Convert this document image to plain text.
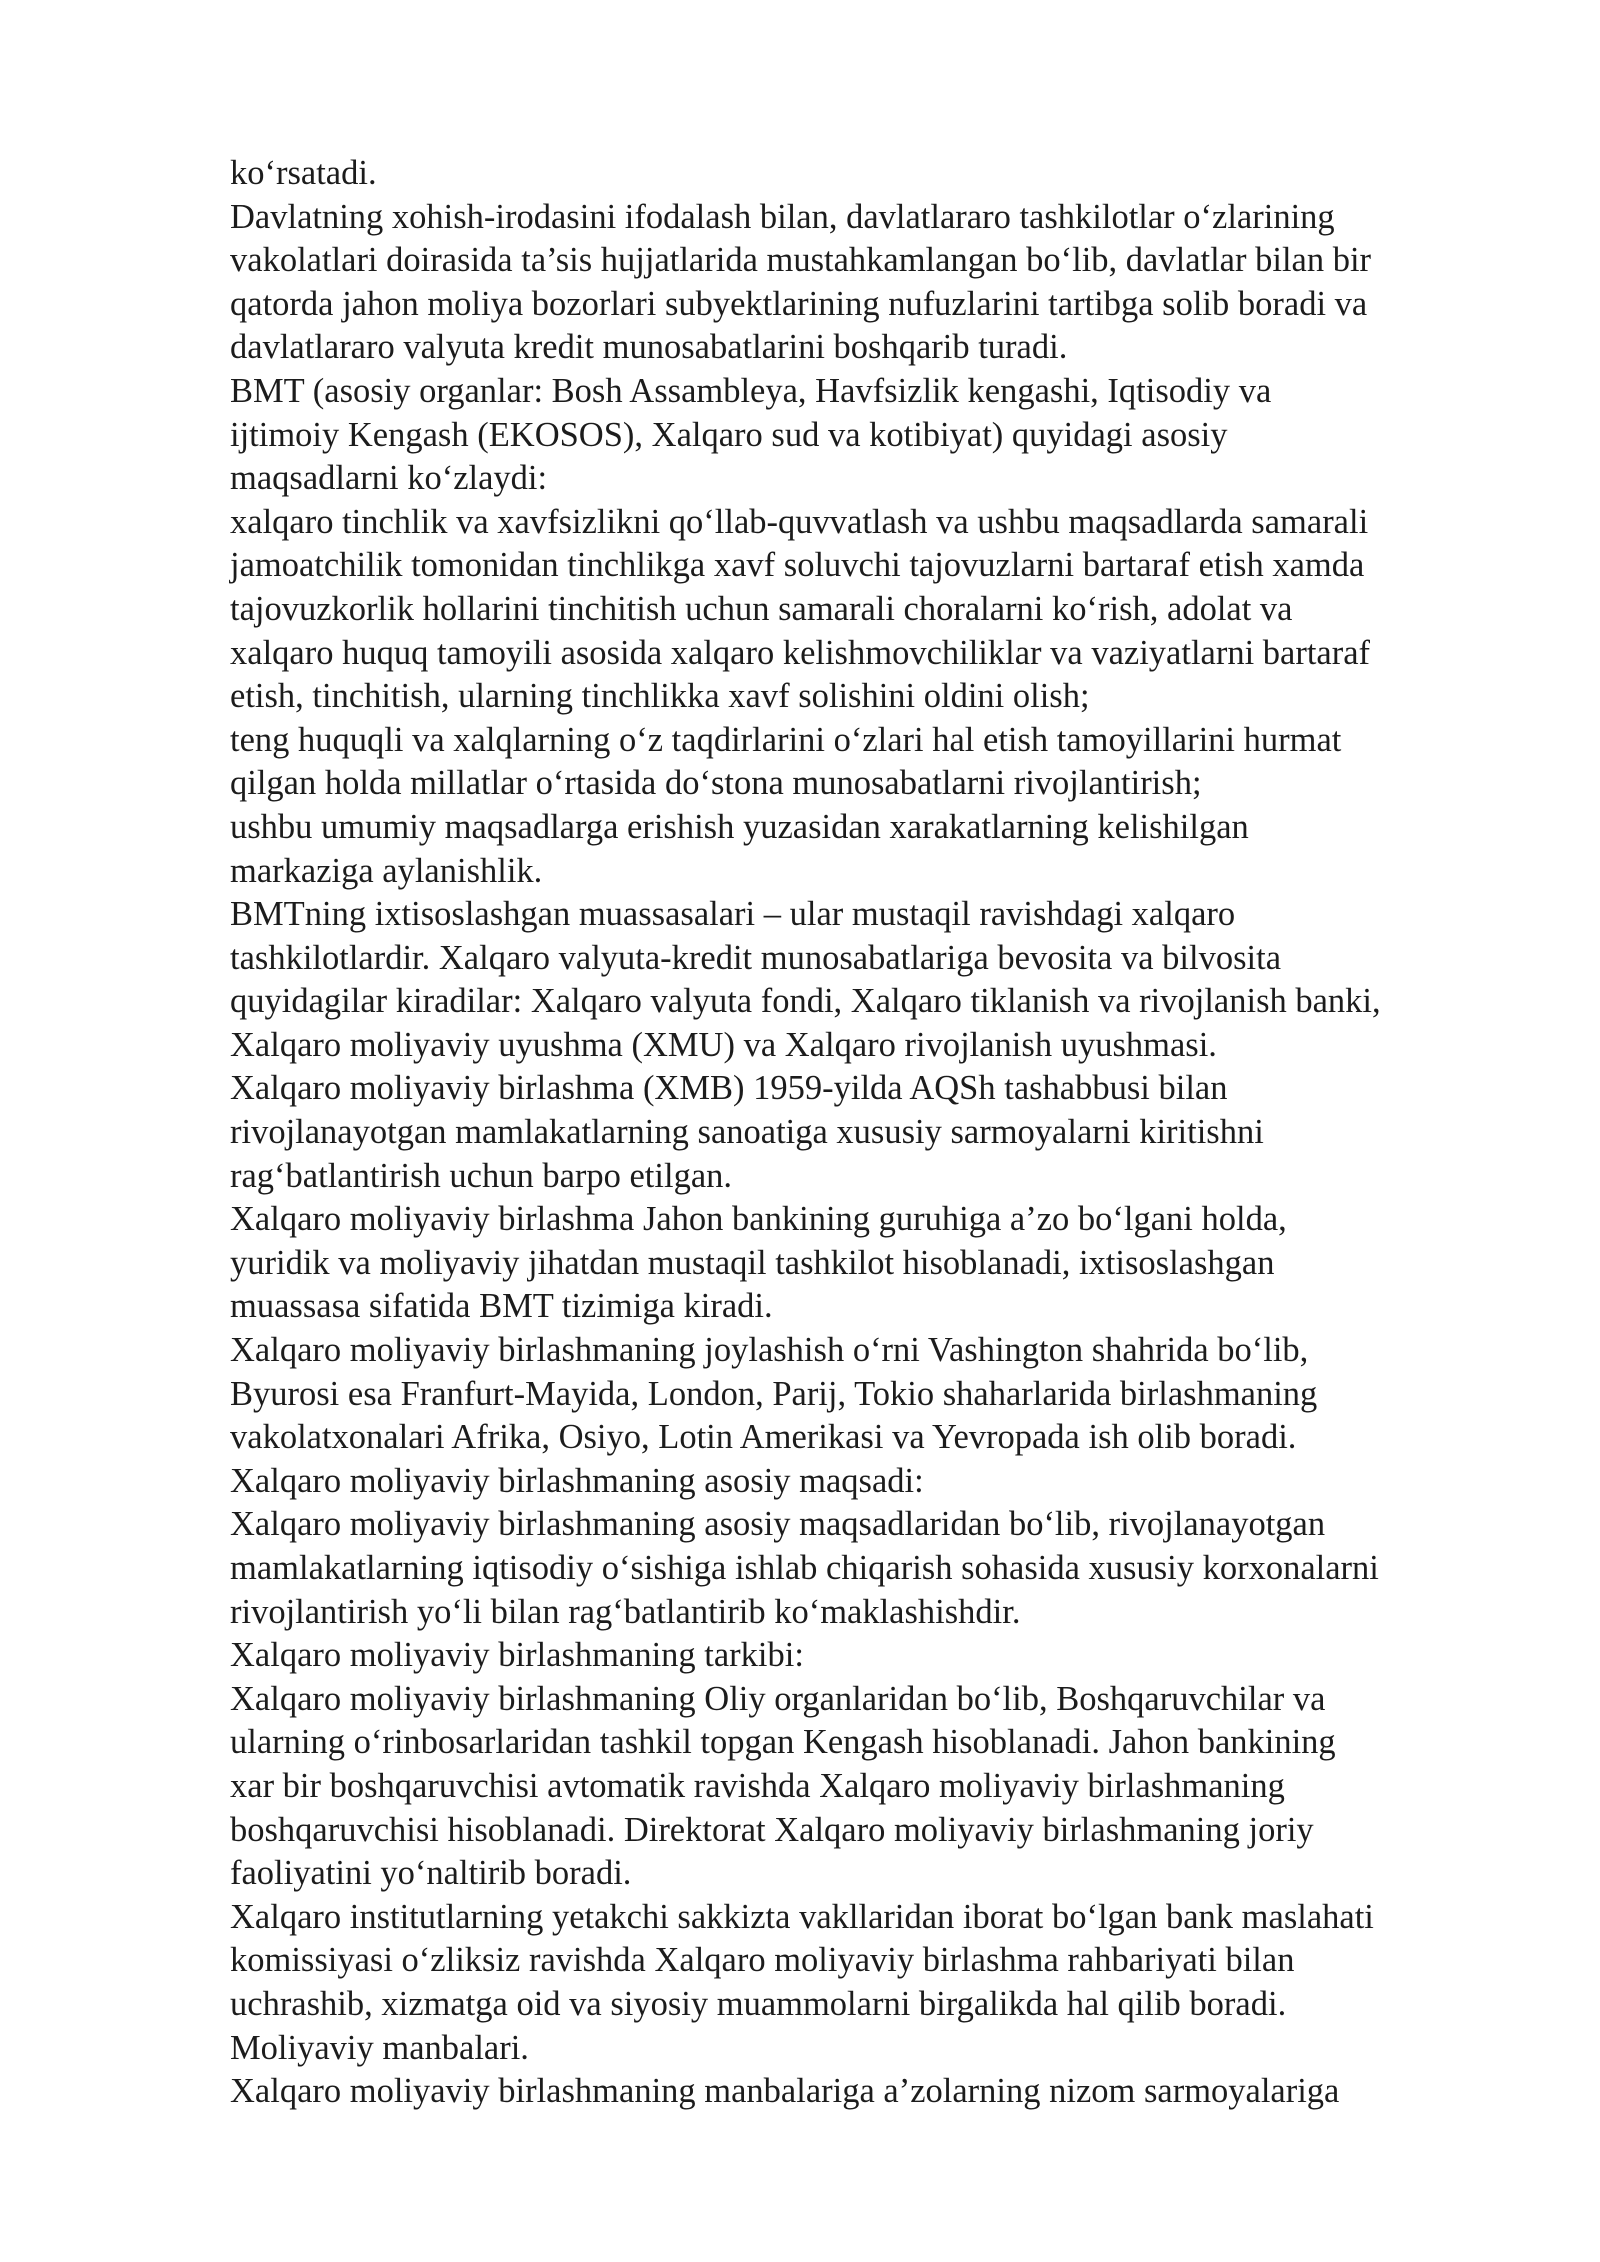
ko‘rsatadi.
Davlatning xohish-irodasini ifodalash bilan, davlatlararo tashkilotlar o‘zlarining
vakolatlari doirasida ta’sis hujjatlarida mustahkamlangan bo‘lib, davlatlar bilan bir
qatorda jahon moliya bozorlari subyektlarining nufuzlarini tartibga solib boradi va
davlatlararo valyuta kredit munosabatlarini boshqarib turadi.
BMT (asosiy organlar: Bosh Assambleya, Havfsizlik kengashi, Iqtisodiy va
ijtimoiy Kengash (EKOSOS), Xalqaro sud va kotibiyat) quyidagi asosiy
maqsadlarni ko‘zlaydi:
xalqaro tinchlik va xavfsizlikni qo‘llab-quvvatlash va ushbu maqsadlarda samarali
jamoatchilik tomonidan tinchlikga xavf soluvchi tajovuzlarni bartaraf etish xamda
tajovuzkorlik hollarini tinchitish uchun samarali choralarni ko‘rish, adolat va
xalqaro huquq tamoyili asosida xalqaro kelishmovchiliklar va vaziyatlarni bartaraf
etish, tinchitish, ularning tinchlikka xavf solishini oldini olish;
teng huquqli va xalqlarning o‘z taqdirlarini o‘zlari hal etish tamoyillarini hurmat
qilgan holda millatlar o‘rtasida do‘stona munosabatlarni rivojlantirish;
ushbu umumiy maqsadlarga erishish yuzasidan xarakatlarning kelishilgan
markaziga aylanishlik.
BMTning ixtisoslashgan muassasalari – ular mustaqil ravishdagi xalqaro
tashkilotlardir. Xalqaro valyuta-kredit munosabatlariga bevosita va bilvosita
quyidagilar kiradilar: Xalqaro valyuta fondi, Xalqaro tiklanish va rivojlanish banki,
Xalqaro moliyaviy uyushma (XMU) va Xalqaro rivojlanish uyushmasi.
Xalqaro moliyaviy birlashma (XMB) 1959-yilda AQSh tashabbusi bilan
rivojlanayotgan mamlakatlarning sanoatiga xususiy sarmoyalarni kiritishni
rag‘batlantirish uchun barpo etilgan.
Xalqaro moliyaviy birlashma Jahon bankining guruhiga a’zo bo‘lgani holda,
yuridik va moliyaviy jihatdan mustaqil tashkilot hisoblanadi, ixtisoslashgan
muassasa sifatida BMT tizimiga kiradi.
Xalqaro moliyaviy birlashmaning joylashish o‘rni Vashington shahrida bo‘lib,
Byurosi esa Franfurt-Mayida, London, Parij, Tokio shaharlarida birlashmaning
vakolatxonalari Afrika, Osiyo, Lotin Amerikasi va Yevropada ish olib boradi.
Xalqaro moliyaviy birlashmaning asosiy maqsadi:
Xalqaro moliyaviy birlashmaning asosiy maqsadlaridan bo‘lib, rivojlanayotgan
mamlakatlarning iqtisodiy o‘sishiga ishlab chiqarish sohasida xususiy korxonalarni
rivojlantirish yo‘li bilan rag‘batlantirib ko‘maklashishdir.
Xalqaro moliyaviy birlashmaning tarkibi:
Xalqaro moliyaviy birlashmaning Oliy organlaridan bo‘lib, Boshqaruvchilar va
ularning o‘rinbosarlaridan tashkil topgan Kengash hisoblanadi. Jahon bankining
xar bir boshqaruvchisi avtomatik ravishda Xalqaro moliyaviy birlashmaning
boshqaruvchisi hisoblanadi. Direktorat Xalqaro moliyaviy birlashmaning joriy
faoliyatini yo‘naltirib boradi.
Xalqaro institutlarning yetakchi sakkizta vakllaridan iborat bo‘lgan bank maslahati
komissiyasi o‘zliksiz ravishda Xalqaro moliyaviy birlashma rahbariyati bilan
uchrashib, xizmatga oid va siyosiy muammolarni birgalikda hal qilib boradi.
Moliyaviy manbalari.
Xalqaro moliyaviy birlashmaning manbalariga a’zolarning nizom sarmoyalariga
